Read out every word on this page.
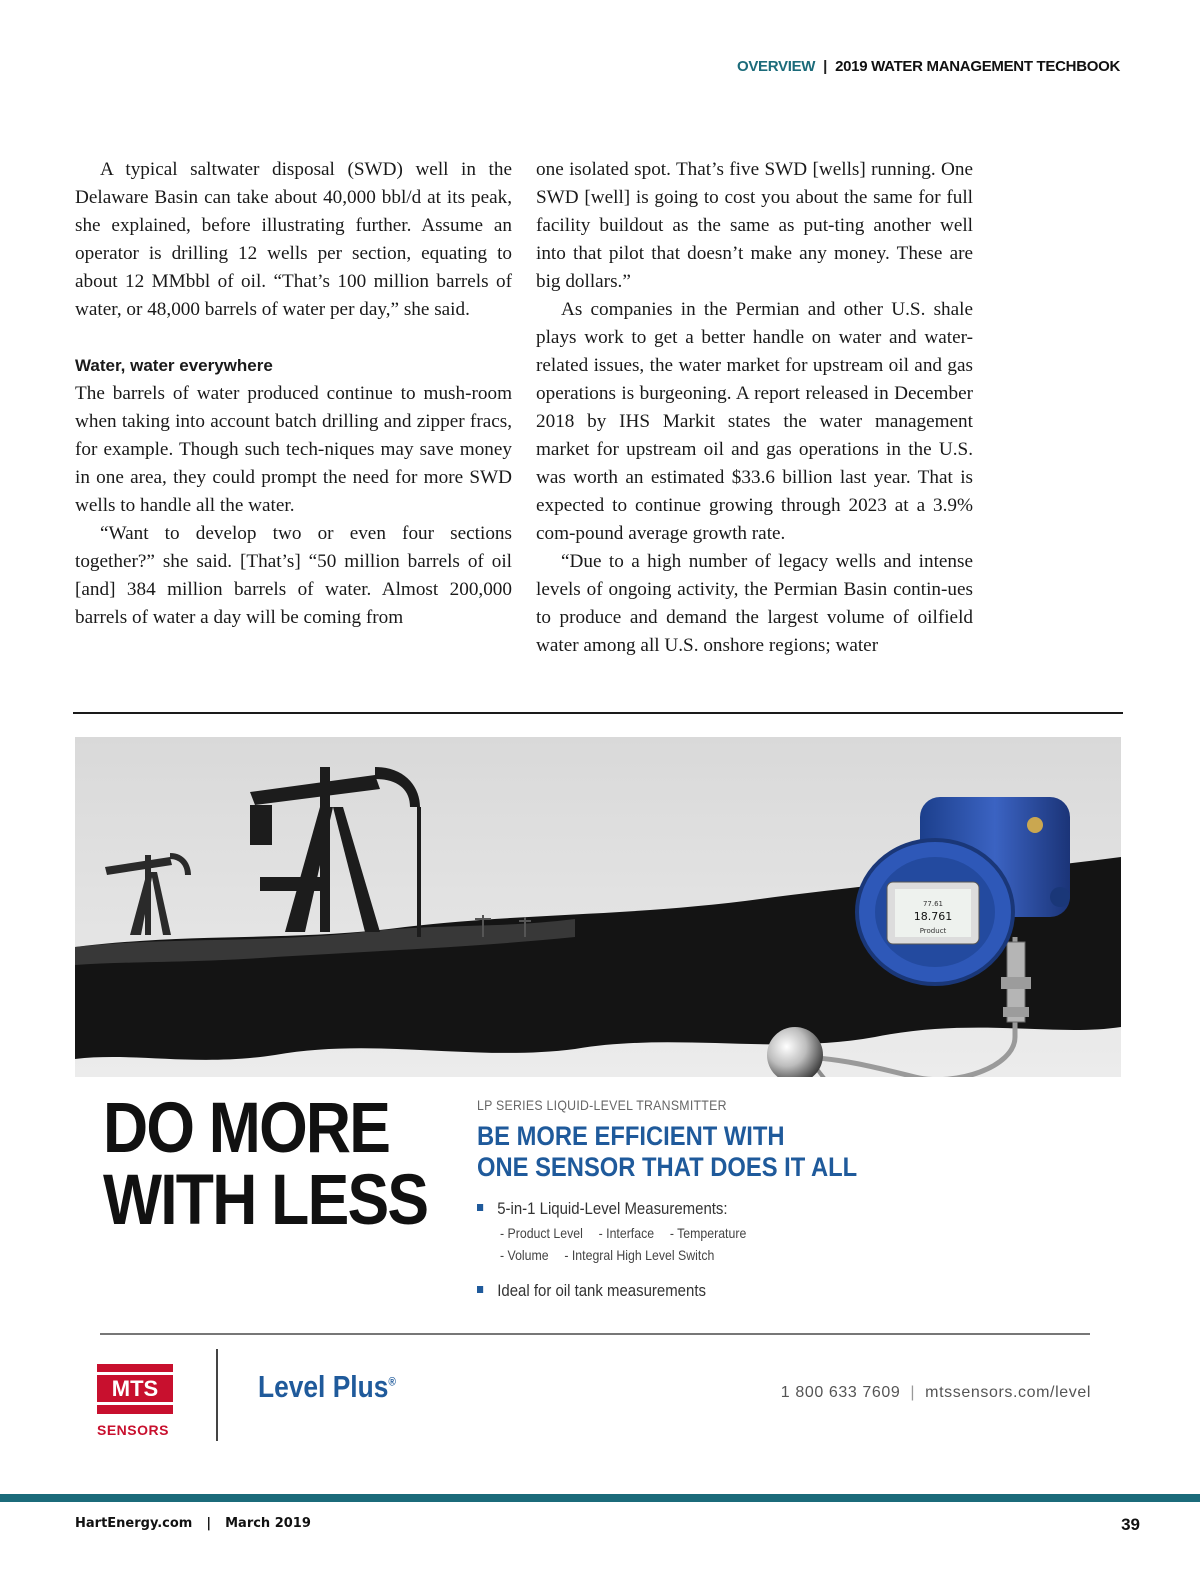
OVERVIEW | 2019 WATER MANAGEMENT TECHBOOK

A typical saltwater disposal (SWD) well in the Delaware Basin can take about 40,000 bbl/d at its peak, she explained, before illustrating further. Assume an operator is drilling 12 wells per section, equating to about 12 MMbbl of oil. “That’s 100 million barrels of water, or 48,000 barrels of water per day,” she said.

Water, water everywhere

The barrels of water produced continue to mush-room when taking into account batch drilling and zipper fracs, for example. Though such tech-niques may save money in one area, they could prompt the need for more SWD wells to handle all the water.

“Want to develop two or even four sections together?” she said. [That’s] “50 million barrels of oil [and] 384 million barrels of water. Almost 200,000 barrels of water a day will be coming from

one isolated spot. That’s five SWD [wells] running. One SWD [well] is going to cost you about the same for full facility buildout as the same as put-ting another well into that pilot that doesn’t make any money. These are big dollars.”

As companies in the Permian and other U.S. shale plays work to get a better handle on water and water-related issues, the water market for upstream oil and gas operations is burgeoning. A report released in December 2018 by IHS Markit states the water management market for upstream oil and gas operations in the U.S. was worth an estimated $33.6 billion last year. That is expected to continue growing through 2023 at a 3.9% com-pound average growth rate.

“Due to a high number of legacy wells and intense levels of ongoing activity, the Permian Basin contin-ues to produce and demand the largest volume of oilfield water among all U.S. onshore regions; water

77.61
18.761
Product
DO MORE
WITH LESS
LP SERIES LIQUID-LEVEL TRANSMITTER
BE MORE EFFICIENT WITH
ONE SENSOR THAT DOES IT ALL
5-in-1 Liquid-Level Measurements:
- Product Level - Interface - Temperature
- Volume - Integral High Level Switch
Ideal for oil tank measurements
MTS
SENSORS
Level Plus®
1 800 633 7609 | mtssensors.com/level
HartEnergy.com | March 2019	39
